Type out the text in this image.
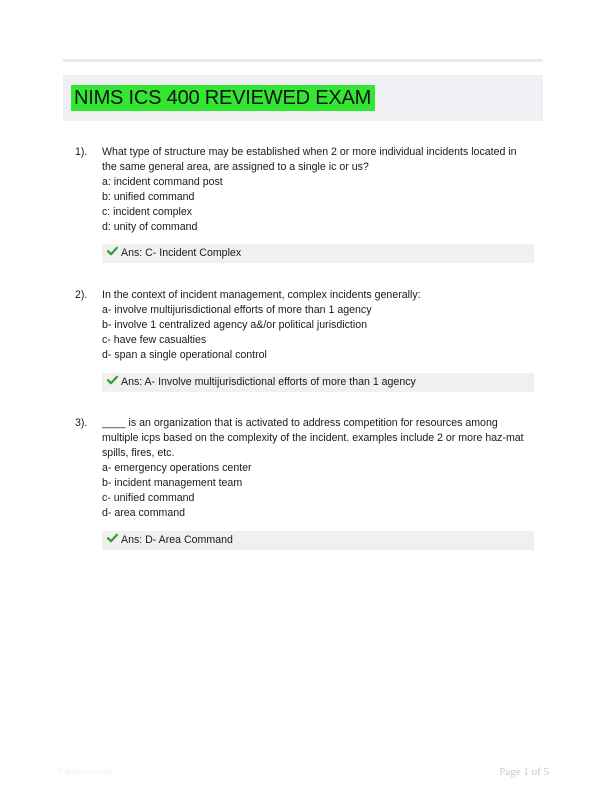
NIMS ICS 400 REVIEWED EXAM
1). What type of structure may be established when 2 or more individual incidents located in the same general area, are assigned to a single ic or us?
a: incident command post
b: unified command
c: incident complex
d: unity of command
Ans: C- Incident Complex
2). In the context of incident management, complex incidents generally:
a- involve multijurisdictional efforts of more than 1 agency
b- involve 1 centralized agency a&/or political jurisdiction
c- have few casualties
d- span a single operational control
Ans: A- Involve multijurisdictional efforts of more than 1 agency
3). ____ is an organization that is activated to address competition for resources among multiple icps based on the complexity of the incident. examples include 2 or more haz-mat spills, fires, etc.
a- emergency operations center
b- incident management team
c- unified command
d- area command
Ans: D- Area Command
Paperlibic.com	Page 1 of 5
